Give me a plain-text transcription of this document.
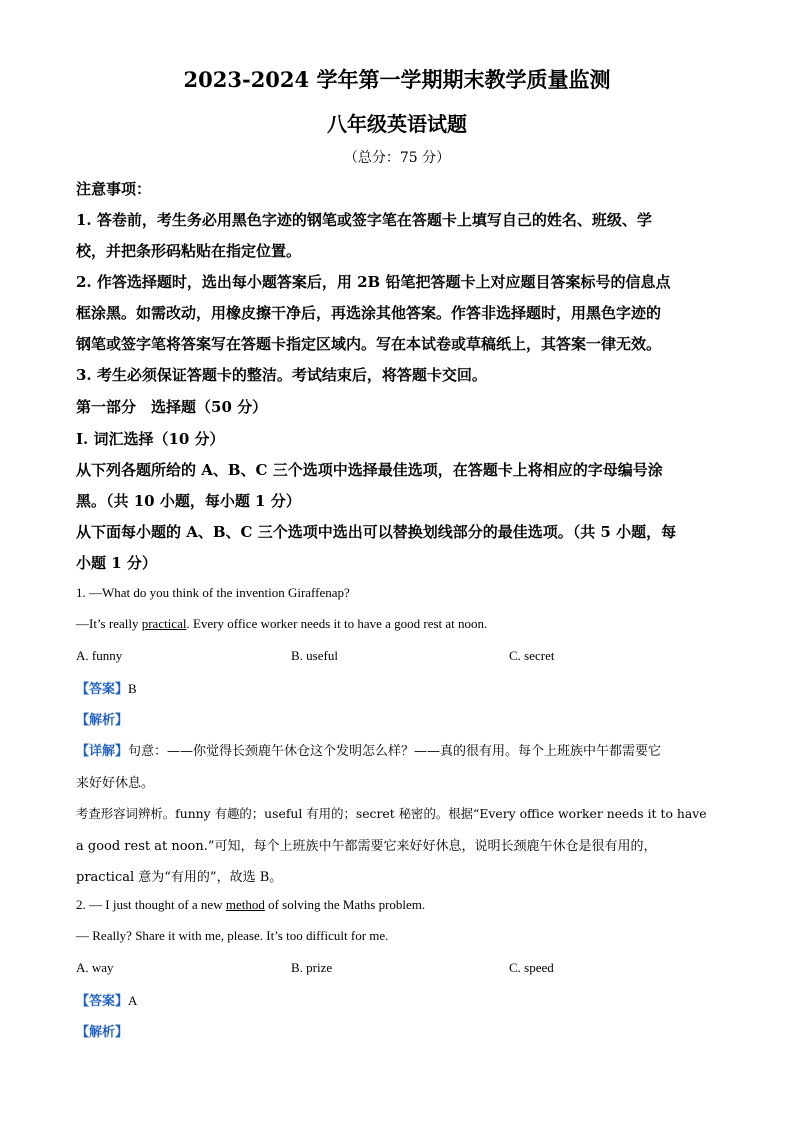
2023-2024 学年第一学期期末教学质量监测
八年级英语试题
（总分：75 分）
注意事项：
1. 答卷前，考生务必用黑色字迹的钢笔或签字笔在答题卡上填写自己的姓名、班级、学
校，并把条形码粘贴在指定位置。
2. 作答选择题时，选出每小题答案后，用 2B 铅笔把答题卡上对应题目答案标号的信息点
框涂黑。如需改动，用橡皮擦干净后，再选涂其他答案。作答非选择题时，用黑色字迹的
钢笔或签字笔将答案写在答题卡指定区域内。写在本试卷或草稿纸上，其答案一律无效。
3. 考生必须保证答题卡的整洁。考试结束后，将答题卡交回。
第一部分　选择题（50 分）
I. 词汇选择（10 分）
从下列各题所给的 A、B、C 三个选项中选择最佳选项，在答题卡上将相应的字母编号涂
黑。（共 10 小题，每小题 1 分）
从下面每小题的 A、B、C 三个选项中选出可以替换划线部分的最佳选项。（共 5 小题，每
小题 1 分）
1. —What do you think of the invention Giraffenap?
—It’s really practical. Every office worker needs it to have a good rest at noon.
A. funny	B. useful	C. secret
【答案】B
【解析】
【详解】句意：——你觉得长颈鹿午休仓这个发明怎么样？——真的很有用。每个上班族中午都需要它
来好好休息。
考查形容词辨析。funny 有趣的；useful 有用的；secret 秘密的。根据“Every office worker needs it to have
a good rest at noon.”可知，每个上班族中午都需要它来好好休息，说明长颈鹿午休仓是很有用的，
practical 意为“有用的”，故选 B。
2. — I just thought of a new method of solving the Maths problem.
— Really? Share it with me, please. It’s too difficult for me.
A. way	B. prize	C. speed
【答案】A
【解析】
